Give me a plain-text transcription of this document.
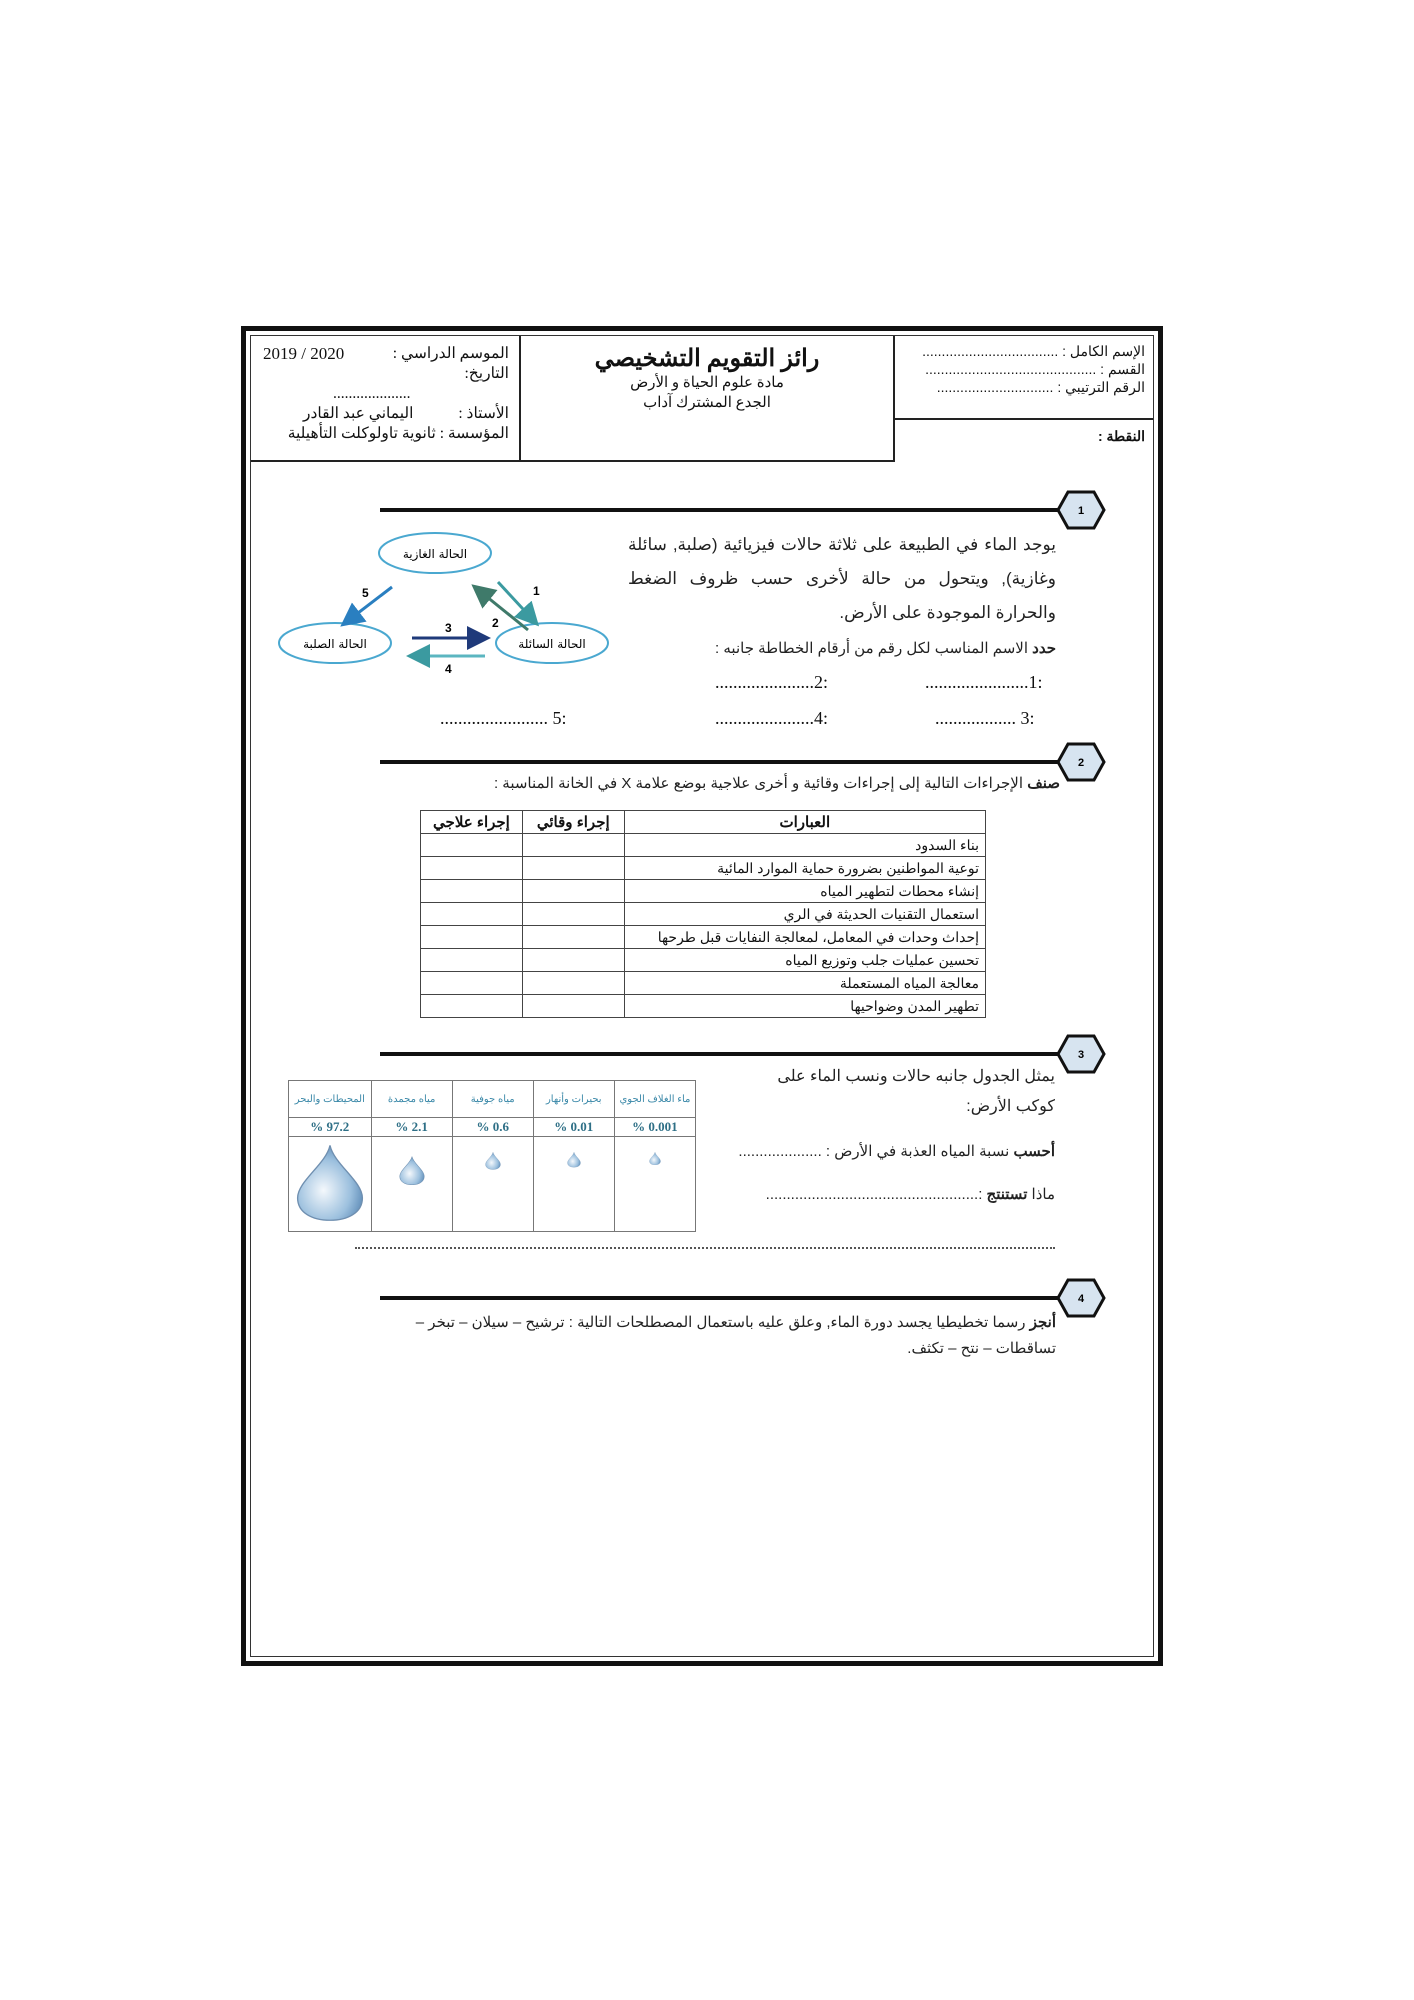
الموسم الدراسي :
2019 / 2020
التاريخ:
....................
الأستاذ :
اليماني عبد القادر
المؤسسة : ثانوية تاولوكلت التأهيلية
رائز التقويم التشخيصي
مادة علوم الحياة و الأرض
الجدع المشترك آداب
الإسم الكامل : ...................................
القسم : ............................................
الرقم الترتيبي : ..............................
النقطة :
1
الحالة الغازية
الحالة السائلة
الحالة الصلبة
1
2
3
4
5
يوجد الماء في الطبيعة على ثلاثة حالات فيزيائية (صلبة, سائلة وغازية), ويتحول من حالة لأخرى حسب ظروف الضغط والحرارة الموجودة على الأرض.
حدد الاسم المناسب لكل رقم من أرقام الخطاطة جانبه :
:1.......................
:2......................
:3 ..................
:4......................
:5 ........................
2
صنف الإجراءات التالية إلى إجراءات وقائية و أخرى علاجية بوضع علامة X في الخانة المناسبة :
العبارات	إجراء وقائي	إجراء علاجي
بناء السدود		
توعية المواطنين بضرورة حماية الموارد المائية		
إنشاء محطات لتطهير المياه		
استعمال التقنيات الحديثة في الري		
إحداث وحدات في المعامل، لمعالجة النفايات قبل طرحها		
تحسين عمليات جلب وتوزيع المياه		
معالجة المياه المستعملة		
تطهير المدن وضواحيها		
3
ماء الغلاف الجوي	بحيرات وأنهار	مياه جوفية	مياه مجمدة	المحيطات والبحر
0.001 %	0.01 %	0.6 %	2.1 %	97.2 %

يمثل الجدول جانبه حالات ونسب الماء على كوكب الأرض:
أحسب نسبة المياه العذبة في الأرض : ....................
ماذا تستنتج :...................................................
4
أنجز رسما تخطيطيا يجسد دورة الماء, وعلق عليه باستعمال المصطلحات التالية : ترشيح – سيلان – تبخر – تساقطات – نتح – تكثف.
